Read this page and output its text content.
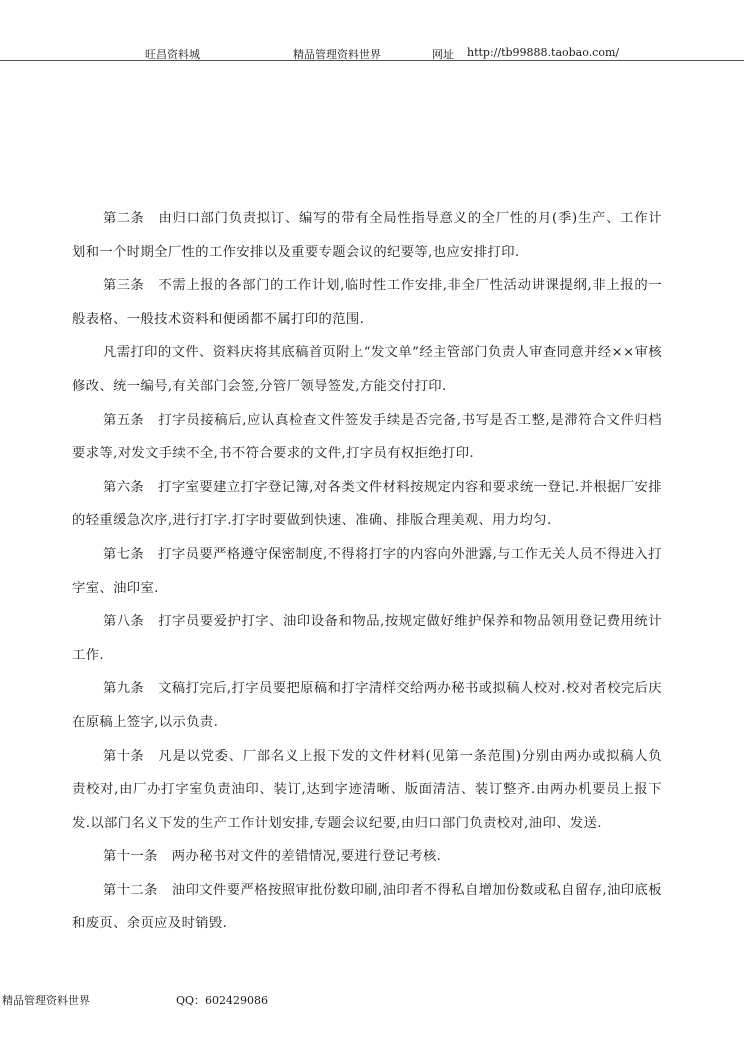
旺昌资料城	精品管理资料世界	网址 http://tb99888.taobao.com/

第二条 由归口部门负责拟订、编写的带有全局性指导意义的全厂性的月(季)生产、工作计划和一个时期全厂性的工作安排以及重要专题会议的纪要等,也应安排打印.

第三条 不需上报的各部门的工作计划,临时性工作安排,非全厂性活动讲课提纲,非上报的一般表格、一般技术资料和便函都不属打印的范围.

凡需打印的文件、资料庆将其底稿首页附上“发文单”经主管部门负责人审查同意并经××审核修改、统一编号,有关部门会签,分管厂领导签发,方能交付打印.

第五条 打字员接稿后,应认真检查文件签发手续是否完备,书写是否工整,是滞符合文件归档要求等,对发文手续不全,书不符合要求的文件,打字员有权拒绝打印.

第六条 打字室要建立打字登记簿,对各类文件材料按规定内容和要求统一登记.并根据厂安排的轻重缓急次序,进行打字.打字时要做到快速、准确、排版合理美观、用力均匀.

第七条 打字员要严格遵守保密制度,不得将打字的内容向外泄露,与工作无关人员不得进入打字室、油印室.

第八条 打字员要爱护打字、油印设备和物品,按规定做好维护保养和物品领用登记费用统计工作.

第九条 文稿打完后,打字员要把原稿和打字清样交给两办秘书或拟稿人校对.校对者校完后庆在原稿上签字,以示负责.

第十条 凡是以党委、厂部名义上报下发的文件材料(见第一条范围)分别由两办或拟稿人负责校对,由厂办打字室负责油印、装订,达到字迹清晰、版面清洁、装订整齐.由两办机要员上报下发.以部门名义下发的生产工作计划安排,专题会议纪要,由归口部门负责校对,油印、发送.

第十一条 两办秘书对文件的差错情况,要进行登记考核.

第十二条 油印文件要严格按照审批份数印刷,油印者不得私自增加份数或私自留存,油印底板和废页、余页应及时销毁.

精品管理资料世界	QQ：602429086
